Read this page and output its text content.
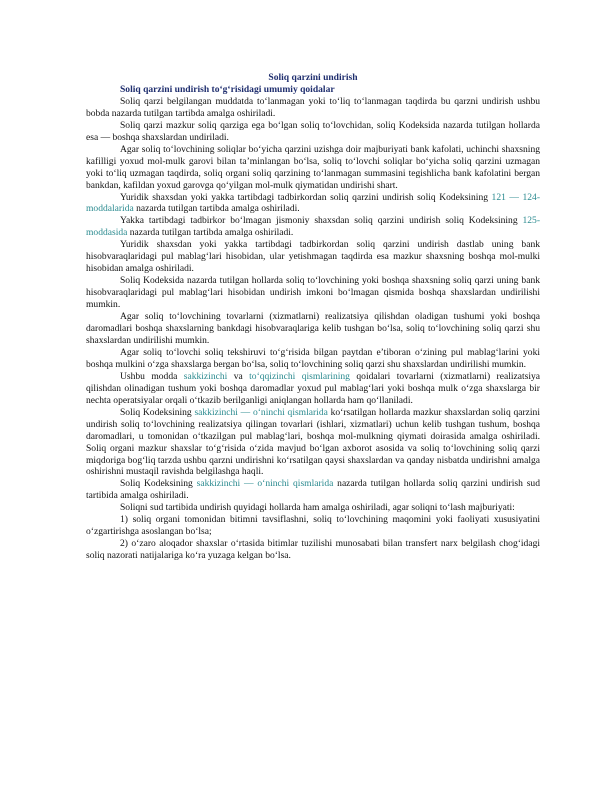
Soliq qarzini undirish

Soliq qarzini undirish to‘g‘risidagi umumiy qoidalar

Soliq qarzi belgilangan muddatda to‘lanmagan yoki to‘liq to‘lanmagan taqdirda bu qarzni undirish ushbu bobda nazarda tutilgan tartibda amalga oshiriladi.

Soliq qarzi mazkur soliq qarziga ega bo‘lgan soliq to‘lovchidan, soliq Kodeksida nazarda tutilgan hollarda esa — boshqa shaxslardan undiriladi.

Agar soliq to‘lovchining soliqlar bo‘yicha qarzini uzishga doir majburiyati bank kafolati, uchinchi shaxsning kafilligi yoxud mol-mulk garovi bilan ta’minlangan bo‘lsa, soliq to‘lovchi soliqlar bo‘yicha soliq qarzini uzmagan yoki to‘liq uzmagan taqdirda, soliq organi soliq qarzining to‘lanmagan summasini tegishlicha bank kafolatini bergan bankdan, kafildan yoxud garovga qo‘yilgan mol-mulk qiymatidan undirishi shart.

Yuridik shaxsdan yoki yakka tartibdagi tadbirkordan soliq qarzini undirish soliq Kodeksining 121 — 124-moddalarida nazarda tutilgan tartibda amalga oshiriladi.

Yakka tartibdagi tadbirkor bo‘lmagan jismoniy shaxsdan soliq qarzini undirish soliq Kodeksining 125-moddasida nazarda tutilgan tartibda amalga oshiriladi.

Yuridik shaxsdan yoki yakka tartibdagi tadbirkordan soliq qarzini undirish dastlab uning bank hisobvaraqlaridagi pul mablag‘lari hisobidan, ular yetishmagan taqdirda esa mazkur shaxsning boshqa mol-mulki hisobidan amalga oshiriladi.

Soliq Kodeksida nazarda tutilgan hollarda soliq to‘lovchining yoki boshqa shaxsning soliq qarzi uning bank hisobvaraqlaridagi pul mablag‘lari hisobidan undirish imkoni bo‘lmagan qismida boshqa shaxslardan undirilishi mumkin.

Agar soliq to‘lovchining tovarlarni (xizmatlarni) realizatsiya qilishdan oladigan tushumi yoki boshqa daromadlari boshqa shaxslarning bankdagi hisobvaraqlariga kelib tushgan bo‘lsa, soliq to‘lovchining soliq qarzi shu shaxslardan undirilishi mumkin.

Agar soliq to‘lovchi soliq tekshiruvi to‘g‘risida bilgan paytdan e’tiboran o‘zining pul mablag‘larini yoki boshqa mulkini o‘zga shaxslarga bergan bo‘lsa, soliq to‘lovchining soliq qarzi shu shaxslardan undirilishi mumkin.

Ushbu modda sakkizinchi va to‘qqizinchi qismlarining qoidalari tovarlarni (xizmatlarni) realizatsiya qilishdan olinadigan tushum yoki boshqa daromadlar yoxud pul mablag‘lari yoki boshqa mulk o‘zga shaxslarga bir nechta operatsiyalar orqali o‘tkazib berilganligi aniqlangan hollarda ham qo‘llaniladi.

Soliq Kodeksining sakkizinchi — o‘ninchi qismlarida ko‘rsatilgan hollarda mazkur shaxslardan soliq qarzini undirish soliq to‘lovchining realizatsiya qilingan tovarlari (ishlari, xizmatlari) uchun kelib tushgan tushum, boshqa daromadlari, u tomonidan o‘tkazilgan pul mablag‘lari, boshqa mol-mulkning qiymati doirasida amalga oshiriladi. Soliq organi mazkur shaxslar to‘g‘risida o‘zida mavjud bo‘lgan axborot asosida va soliq to‘lovchining soliq qarzi miqdoriga bog‘liq tarzda ushbu qarzni undirishni ko‘rsatilgan qaysi shaxslardan va qanday nisbatda undirishni amalga oshirishni mustaqil ravishda belgilashga haqli.

Soliq Kodeksining sakkizinchi — o‘ninchi qismlarida nazarda tutilgan hollarda soliq qarzini undirish sud tartibida amalga oshiriladi.

Soliqni sud tartibida undirish quyidagi hollarda ham amalga oshiriladi, agar soliqni to‘lash majburiyati:

1) soliq organi tomonidan bitimni tavsiflashni, soliq to‘lovchining maqomini yoki faoliyati xususiyatini o‘zgartirishga asoslangan bo‘lsa;

2) o‘zaro aloqador shaxslar o‘rtasida bitimlar tuzilishi munosabati bilan transfert narx belgilash chog‘idagi soliq nazorati natijalariga ko‘ra yuzaga kelgan bo‘lsa.
